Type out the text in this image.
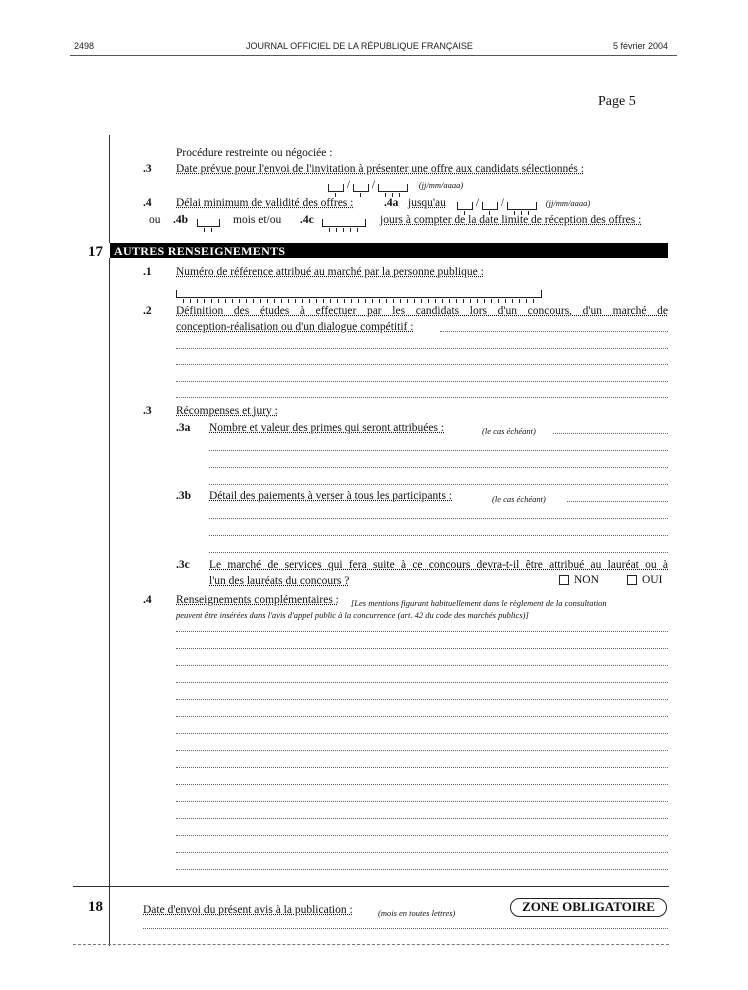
2498	JOURNAL OFFICIEL DE LA RÉPUBLIQUE FRANÇAISE	5 février 2004
Page 5
Procédure restreinte ou négociée :
.3 Date prévue pour l'envoi de l'invitation à présenter une offre aux candidats sélectionnés :
/  /	(jj/mm/aaaa)
.4 Délai minimum de validité des offres :	.4a jusqu'au	/  /	(jj/mm/aaaa)
ou .4b	mois et/ou .4c	jours à compter de la date limite de réception des offres :
17 AUTRES RENSEIGNEMENTS
.1 Numéro de référence attribué au marché par la personne publique :
.2 Définition des études à effectuer par les candidats lors d'un concours, d'un marché de
conception-réalisation ou d'un dialogue compétitif :
.3 Récompenses et jury :
.3a Nombre et valeur des primes qui seront attribuées :	(le cas échéant)
.3b Détail des paiements à verser à tous les participants :	(le cas échéant)
.3c Le marché de services qui fera suite à ce concours devra-t-il être attribué au lauréat ou à
l'un des lauréats du concours ?	NON	OUI
.4 Renseignements complémentaires : [Les mentions figurant habituellement dans le règlement de la consultation
peuvent être insérées dans l'avis d'appel public à la concurrence (art. 42 du code des marchés publics)]
18	Date d'envoi du présent avis à la publication :	(mois en toutes lettres)	ZONE OBLIGATOIRE
